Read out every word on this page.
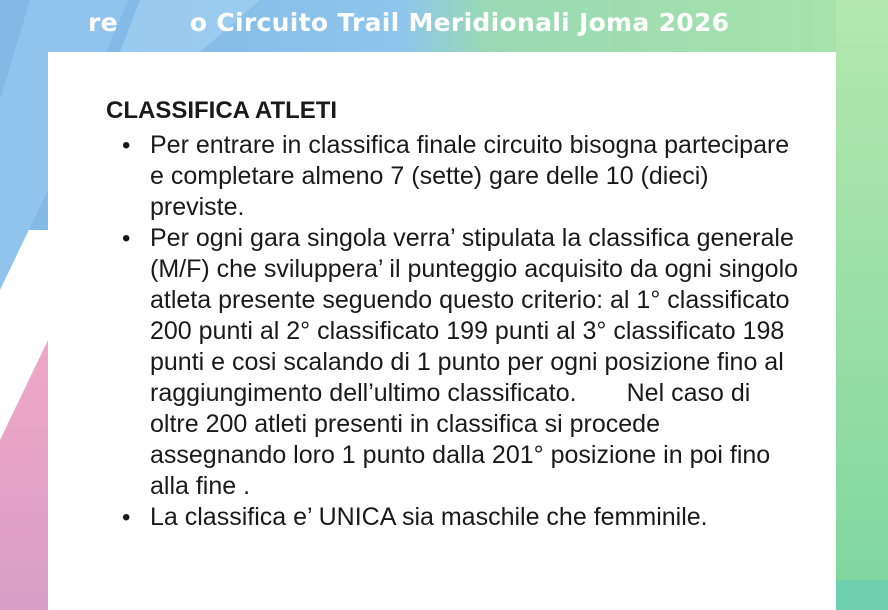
re        o Circuito Trail Meridionali Joma 2026
CLASSIFICA ATLETI
• Per entrare in classifica finale circuito bisogna partecipare e completare almeno 7 (sette) gare delle 10 (dieci) previste.
• Per ogni gara singola verra’ stipulata la classifica generale (M/F) che sviluppera’ il punteggio acquisito da ogni singolo atleta presente seguendo questo criterio: al 1° classificato 200 punti al 2° classificato 199 punti al 3° classificato 198 punti e cosi scalando di 1 punto per ogni posizione fino al raggiungimento dell’ultimo classificato. Nel caso di oltre 200 atleti presenti in classifica si procede assegnando loro 1 punto dalla 201° posizione in poi fino alla fine .
• La classifica e’ UNICA sia maschile che femminile.
